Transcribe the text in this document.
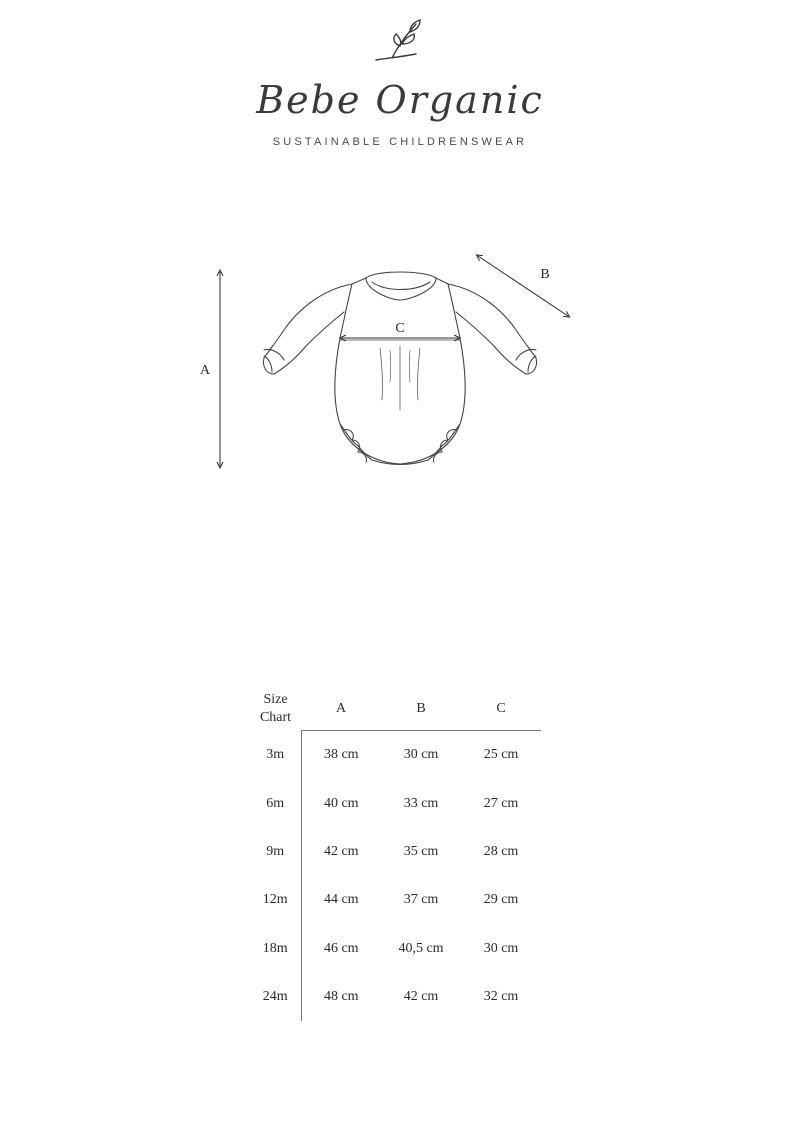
Bebe Organic
SUSTAINABLE CHILDRENSWEAR
A
B
C
Size
Chart	A	B	C
3m	38 cm	30 cm	25 cm
6m	40 cm	33 cm	27 cm
9m	42 cm	35 cm	28 cm
12m	44 cm	37 cm	29 cm
18m	46 cm	40,5 cm	30 cm
24m	48 cm	42 cm	32 cm
